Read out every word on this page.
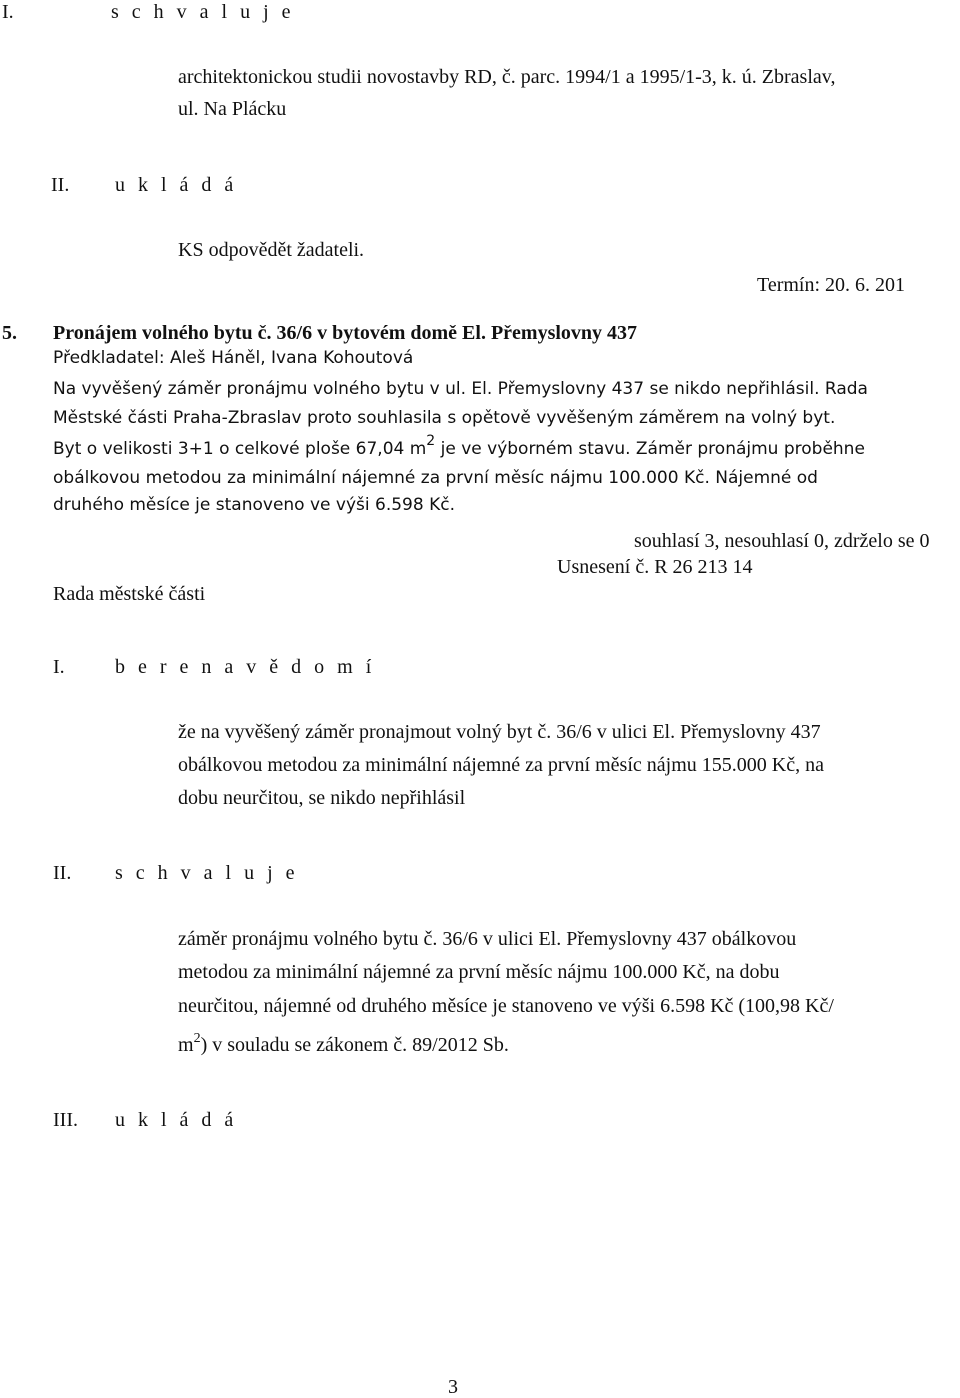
I.	s c h v a l u j e
architektonickou studii novostavby RD, č. parc. 1994/1 a 1995/1-3, k. ú. Zbraslav,
ul. Na Plácku
II. u k l á d á
KS odpovědět žadateli.
Termín: 20. 6. 201
5. Pronájem volného bytu č. 36/6 v bytovém domě El. Přemyslovny 437
Předkladatel: Aleš Háněl, Ivana Kohoutová
Na vyvěšený záměr pronájmu volného bytu v ul. El. Přemyslovny 437 se nikdo nepřihlásil. Rada
Městské části Praha-Zbraslav proto souhlasila s opětově vyvěšeným záměrem na volný byt.
Byt o velikosti 3+1 o celkové ploše 67,04 $m^2$ je ve výborném stavu. Záměr pronájmu proběhne
obálkovou metodou za minimální nájemné za první měsíc nájmu 100.000 Kč. Nájemné od
druhého měsíce je stanoveno ve výši 6.598 Kč.
souhlasí 3, nesouhlasí 0, zdrželo se 0
Usnesení č. R 26 213 14
Rada městské části
I.	b e r e n a v ě d o m í
že na vyvěšený záměr pronajmout volný byt č. 36/6 v ulici El. Přemyslovny 437
obálkovou metodou za minimální nájemné za první měsíc nájmu 155.000 Kč, na
dobu neurčitou, se nikdo nepřihlásil
II. s c h v a l u j e
záměr pronájmu volného bytu č. 36/6 v ulici El. Přemyslovny 437 obálkovou
metodou za minimální nájemné za první měsíc nájmu 100.000 Kč, na dobu
neurčitou, nájemné od druhého měsíce je stanoveno ve výši 6.598 Kč (100,98 Kč/
$m^2$) v souladu se zákonem č. 89/2012 Sb.
III. u k l á d á
3
